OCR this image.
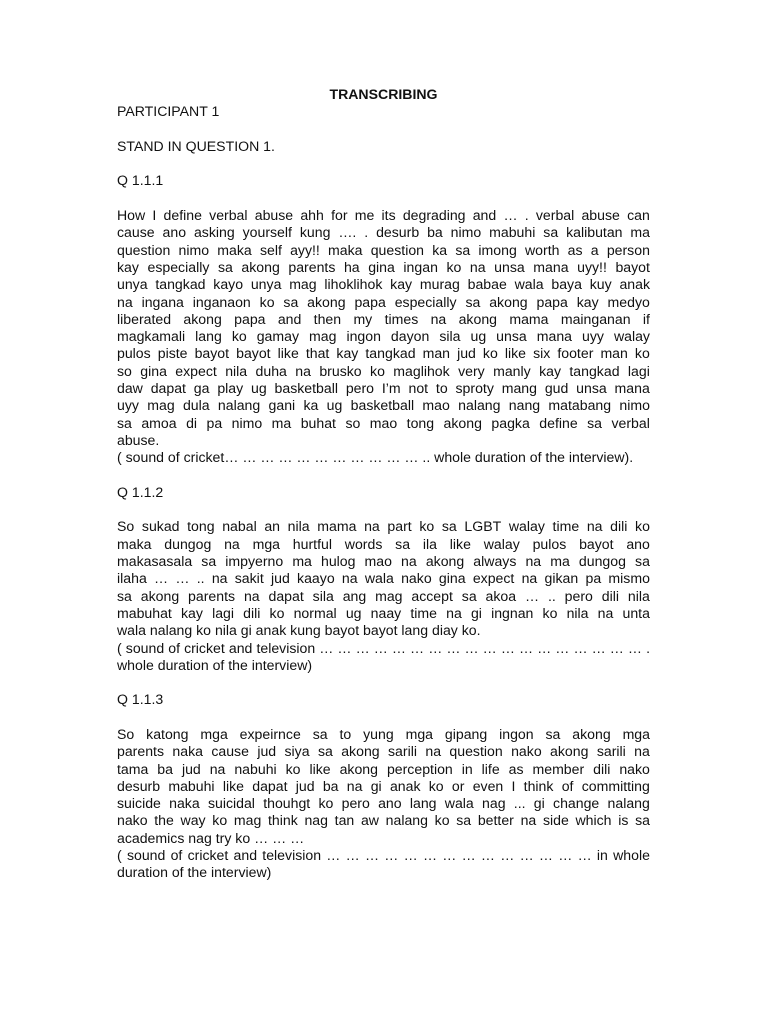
TRANSCRIBING

PARTICIPANT 1

STAND IN QUESTION 1.

Q 1.1.1

How I define verbal abuse ahh for me its degrading and … . verbal abuse can
cause ano asking yourself kung …. . desurb ba nimo mabuhi sa kalibutan ma
question nimo maka self ayy!! maka question ka sa imong worth as a person
kay especially sa akong parents ha gina ingan ko na unsa mana uyy!! bayot
unya tangkad kayo unya mag lihoklihok kay murag babae wala baya kuy anak
na ingana inganaon ko sa akong papa especially sa akong papa kay medyo
liberated akong papa and then my times na akong mama mainganan if
magkamali lang ko gamay mag ingon dayon sila ug unsa mana uyy walay
pulos piste bayot bayot like that kay tangkad man jud ko like six footer man ko
so gina expect nila duha na brusko ko maglihok very manly kay tangkad lagi
daw dapat ga play ug basketball pero I’m not to sproty mang gud unsa mana
uyy mag dula nalang gani ka ug basketball mao nalang nang matabang nimo
sa amoa di pa nimo ma buhat so mao tong akong pagka define sa verbal
abuse.
( sound of cricket… … … … … … … … … … … .. whole duration of the interview).

Q 1.1.2

So sukad tong nabal an nila mama na part ko sa LGBT walay time na dili ko
maka dungog na mga hurtful words sa ila like walay pulos bayot ano
makasasala sa impyerno ma hulog mao na akong always na ma dungog sa
ilaha … … .. na sakit jud kaayo na wala nako gina expect na gikan pa mismo
sa akong parents na dapat sila ang mag accept sa akoa … .. pero dili nila
mabuhat kay lagi dili ko normal ug naay time na gi ingnan ko nila na unta
wala nalang ko nila gi anak kung bayot bayot lang diay ko.
( sound of cricket and television … … … … … … … … … … … … … … … … … … .
whole duration of the interview)

Q 1.1.3

So katong mga expeirnce sa to yung mga gipang ingon sa akong mga
parents naka cause jud siya sa akong sarili na question nako akong sarili na
tama ba jud na nabuhi ko like akong perception in life as member dili nako
desurb mabuhi like dapat jud ba na gi anak ko or even I think of committing
suicide naka suicidal thouhgt ko pero ano lang wala nag ... gi change nalang
nako the way ko mag think nag tan aw nalang ko sa better na side which is sa
academics nag try ko … … …
( sound of cricket and television … … … … … … … … … … … … … … in whole
duration of the interview)
